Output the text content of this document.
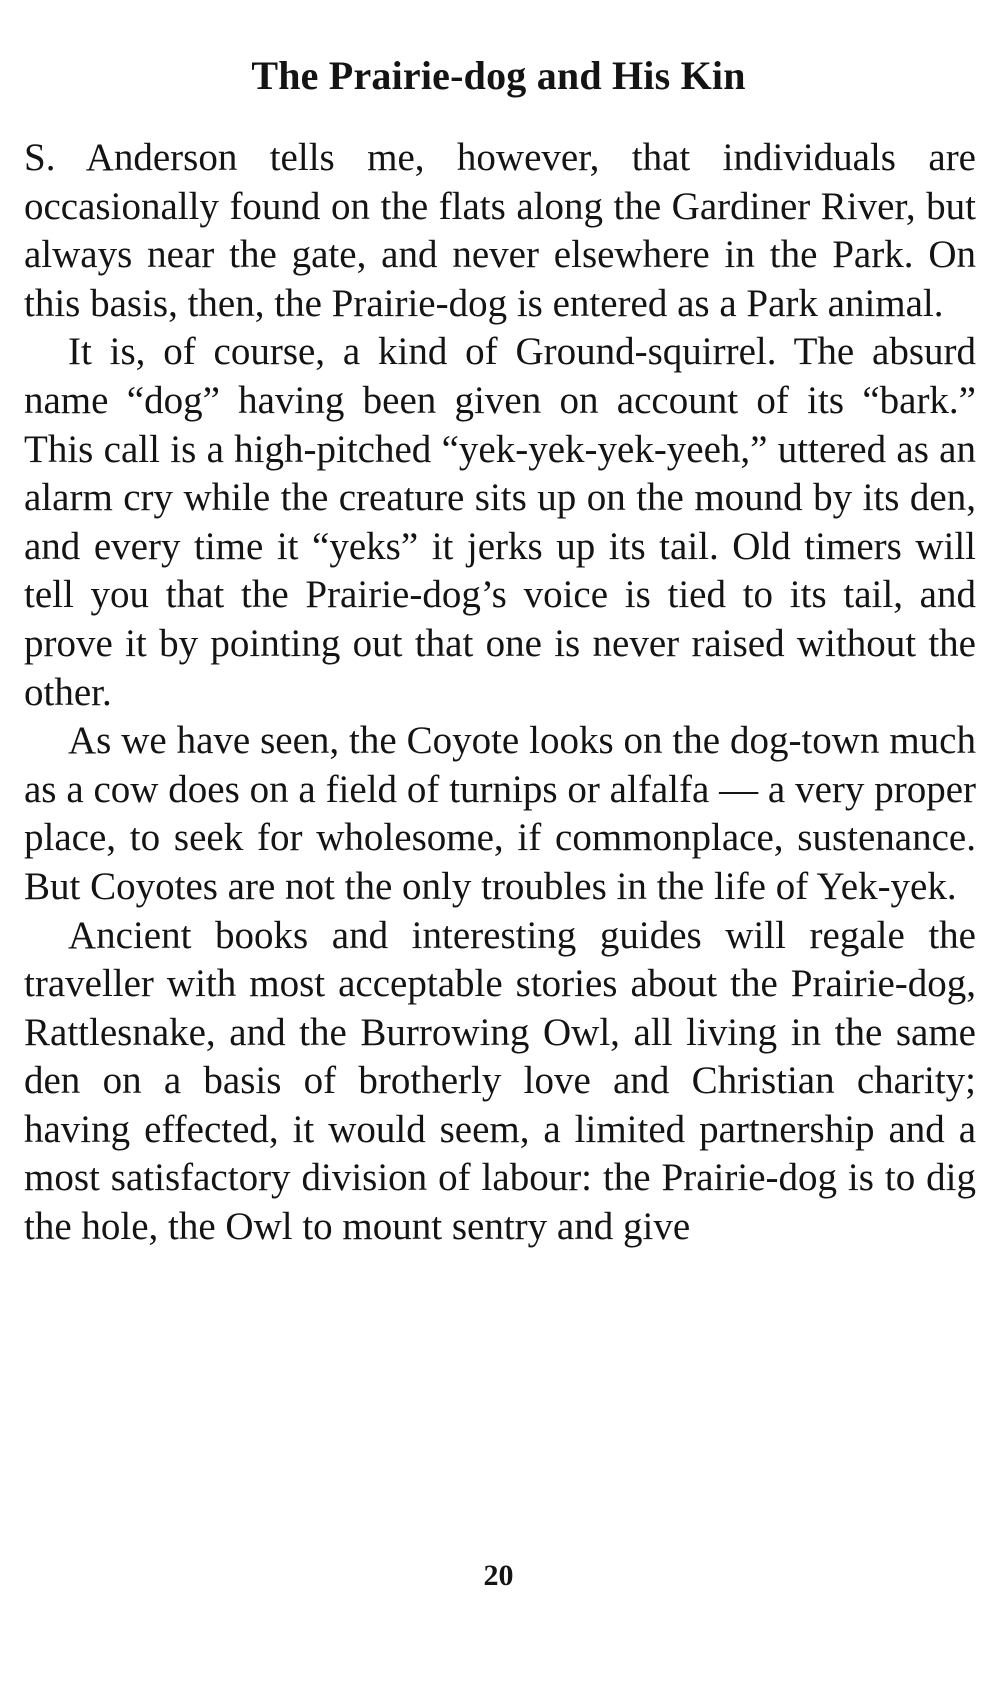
The Prairie-dog and His Kin

S. Anderson tells me, however, that individuals are occasionally found on the flats along the Gardiner River, but always near the gate, and never elsewhere in the Park. On this basis, then, the Prairie-dog is entered as a Park animal.

It is, of course, a kind of Ground-squirrel. The absurd name “dog” having been given on account of its “bark.” This call is a high-pitched “yek-yek-yek-yeeh,” uttered as an alarm cry while the creature sits up on the mound by its den, and every time it “yeks” it jerks up its tail. Old timers will tell you that the Prairie-dog’s voice is tied to its tail, and prove it by pointing out that one is never raised without the other.

As we have seen, the Coyote looks on the dog-town much as a cow does on a field of turnips or alfalfa — a very proper place, to seek for wholesome, if commonplace, sustenance. But Coyotes are not the only troubles in the life of Yek-yek.

Ancient books and interesting guides will regale the traveller with most acceptable stories about the Prairie-dog, Rattlesnake, and the Burrowing Owl, all living in the same den on a basis of brotherly love and Christian charity; having effected, it would seem, a limited partnership and a most satisfactory division of labour: the Prairie-dog is to dig the hole, the Owl to mount sentry and give

20
